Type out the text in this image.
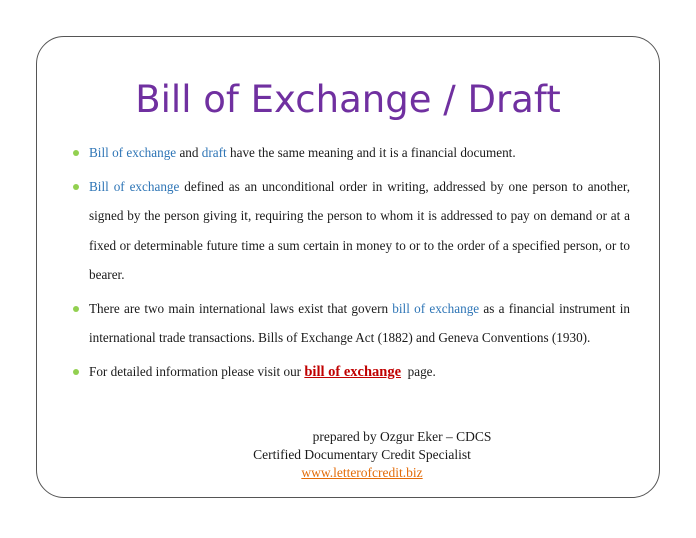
Bill of Exchange / Draft
Bill of exchange and draft have the same meaning and it is a financial document.
Bill of exchange defined as an unconditional order in writing, addressed by one person to another, signed by the person giving it, requiring the person to whom it is addressed to pay on demand or at a fixed or determinable future time a sum certain in money to or to the order of a specified person, or to bearer.
There are two main international laws exist that govern bill of exchange as a financial instrument in international trade transactions. Bills of Exchange Act (1882) and Geneva Conventions (1930).
For detailed information please visit our bill of exchange  page.
prepared by Ozgur Eker – CDCS
Certified Documentary Credit Specialist
www.letterofcredit.biz
